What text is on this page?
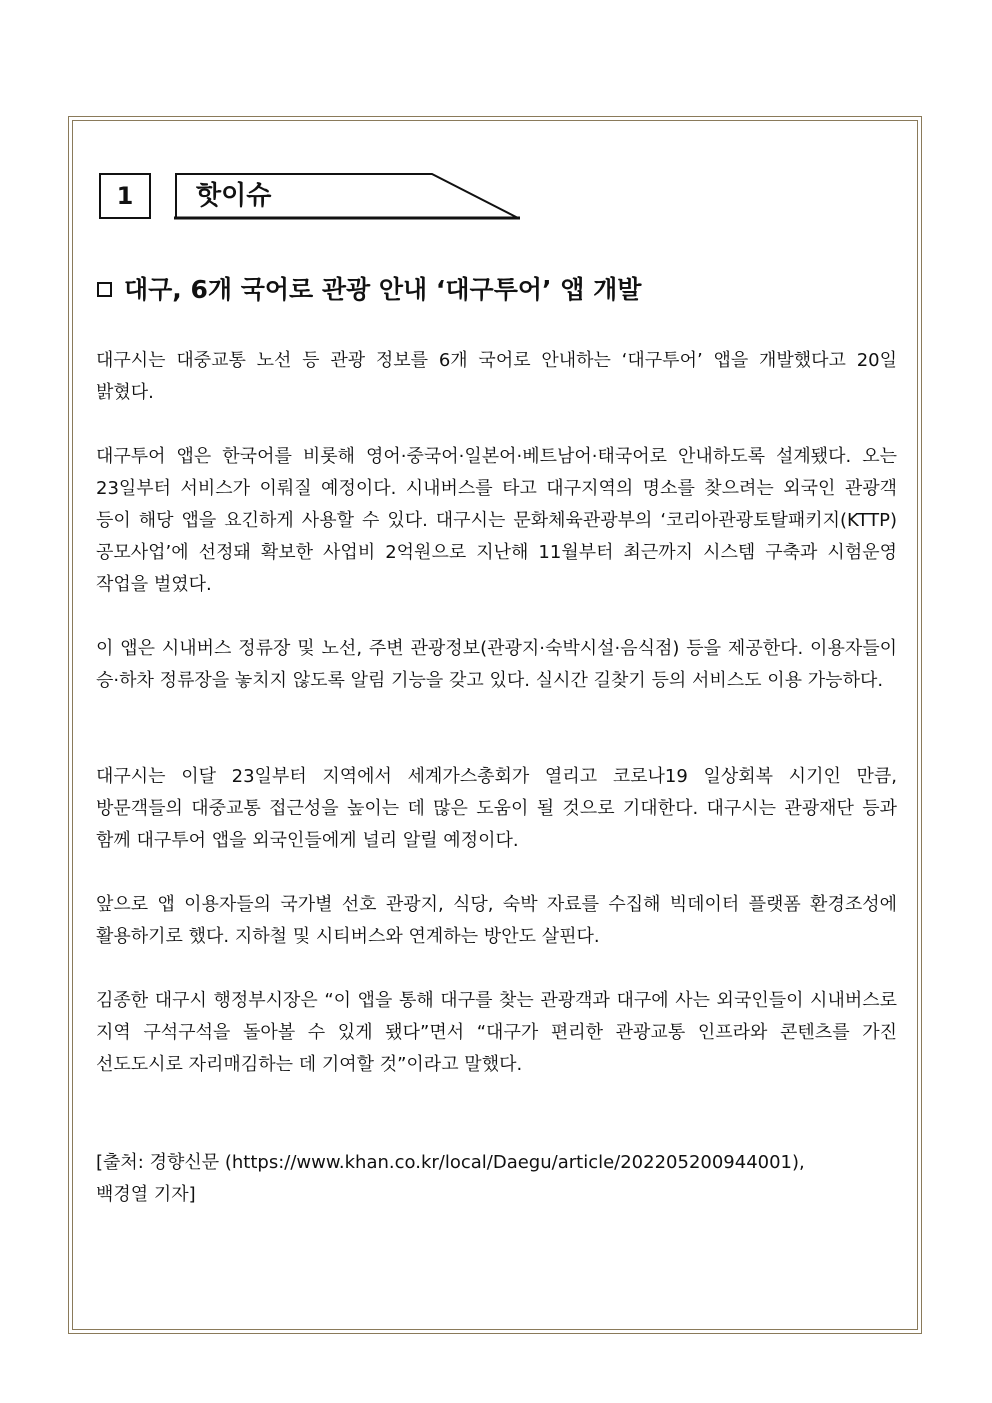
1	핫이슈
대구, 6개 국어로 관광 안내 ‘대구투어’ 앱 개발

대구시는 대중교통 노선 등 관광 정보를 6개 국어로 안내하는 ‘대구투어’ 앱을 개발했다고 20일 밝혔다.

대구투어 앱은 한국어를 비롯해 영어·중국어·일본어·베트남어·태국어로 안내하도록 설계됐다. 오는 23일부터 서비스가 이뤄질 예정이다. 시내버스를 타고 대구지역의 명소를 찾으려는 외국인 관광객 등이 해당 앱을 요긴하게 사용할 수 있다. 대구시는 문화체육관광부의 ‘코리아관광토탈패키지(KTTP) 공모사업’에 선정돼 확보한 사업비 2억원으로 지난해 11월부터 최근까지 시스템 구축과 시험운영 작업을 벌였다.

이 앱은 시내버스 정류장 및 노선, 주변 관광정보(관광지·숙박시설·음식점) 등을 제공한다. 이용자들이 승·하차 정류장을 놓치지 않도록 알림 기능을 갖고 있다. 실시간 길찾기 등의 서비스도 이용 가능하다.

대구시는 이달 23일부터 지역에서 세계가스총회가 열리고 코로나19 일상회복 시기인 만큼, 방문객들의 대중교통 접근성을 높이는 데 많은 도움이 될 것으로 기대한다. 대구시는 관광재단 등과 함께 대구투어 앱을 외국인들에게 널리 알릴 예정이다.

앞으로 앱 이용자들의 국가별 선호 관광지, 식당, 숙박 자료를 수집해 빅데이터 플랫폼 환경조성에 활용하기로 했다. 지하철 및 시티버스와 연계하는 방안도 살핀다.

김종한 대구시 행정부시장은 “이 앱을 통해 대구를 찾는 관광객과 대구에 사는 외국인들이 시내버스로 지역 구석구석을 돌아볼 수 있게 됐다”면서 “대구가 편리한 관광교통 인프라와 콘텐츠를 가진 선도도시로 자리매김하는 데 기여할 것”이라고 말했다.

[출처: 경향신문 (https://www.khan.co.kr/local/Daegu/article/202205200944001),
백경열 기자]
